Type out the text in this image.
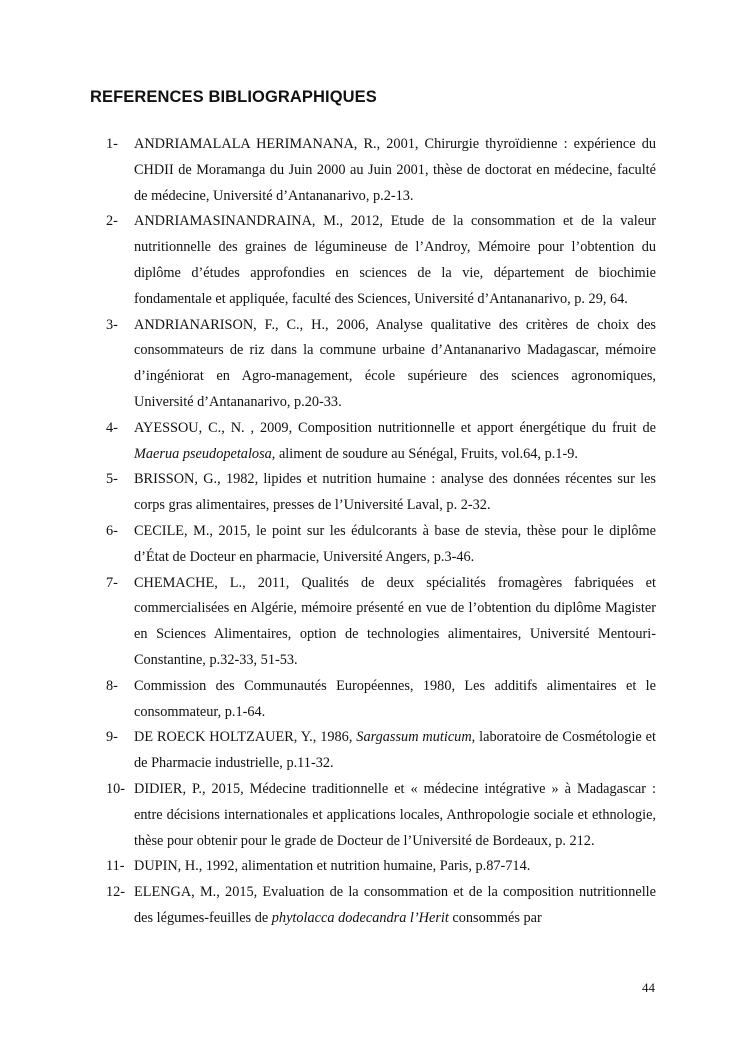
REFERENCES BIBLIOGRAPHIQUES
1- ANDRIAMALALA HERIMANANA, R., 2001, Chirurgie thyroïdienne : expérience du CHDII de Moramanga du Juin 2000 au Juin 2001, thèse de doctorat en médecine, faculté de médecine, Université d’Antananarivo, p.2-13.
2- ANDRIAMASINANDRAINA, M., 2012, Etude de la consommation et de la valeur nutritionnelle des graines de légumineuse de l’Androy, Mémoire pour l’obtention du diplôme d’études approfondies en sciences de la vie, département de biochimie fondamentale et appliquée, faculté des Sciences, Université d’Antananarivo, p. 29, 64.
3- ANDRIANARISON, F., C., H., 2006, Analyse qualitative des critères de choix des consommateurs de riz dans la commune urbaine d’Antananarivo Madagascar, mémoire d’ingéniorat en Agro-management, école supérieure des sciences agronomiques, Université d’Antananarivo, p.20-33.
4- AYESSOU, C., N. , 2009, Composition nutritionnelle et apport énergétique du fruit de Maerua pseudopetalosa, aliment de soudure au Sénégal, Fruits, vol.64, p.1-9.
5- BRISSON, G., 1982, lipides et nutrition humaine : analyse des données récentes sur les corps gras alimentaires, presses de l’Université Laval, p. 2-32.
6- CECILE, M., 2015, le point sur les édulcorants à base de stevia, thèse pour le diplôme d’État de Docteur en pharmacie, Université Angers, p.3-46.
7- CHEMACHE, L., 2011, Qualités de deux spécialités fromagères fabriquées et commercialisées en Algérie, mémoire présenté en vue de l’obtention du diplôme Magister en Sciences Alimentaires, option de technologies alimentaires, Université Mentouri-Constantine, p.32-33, 51-53.
8- Commission des Communautés Européennes, 1980, Les additifs alimentaires et le consommateur, p.1-64.
9- DE ROECK HOLTZAUER, Y., 1986, Sargassum muticum, laboratoire de Cosmétologie et de Pharmacie industrielle, p.11-32.
10- DIDIER, P., 2015, Médecine traditionnelle et « médecine intégrative » à Madagascar : entre décisions internationales et applications locales, Anthropologie sociale et ethnologie, thèse pour obtenir pour le grade de Docteur de l’Université de Bordeaux, p. 212.
11- DUPIN, H., 1992, alimentation et nutrition humaine, Paris, p.87-714.
12- ELENGA, M., 2015, Evaluation de la consommation et de la composition nutritionnelle des légumes-feuilles de phytolacca dodecandra l’Herit consommés par
44
